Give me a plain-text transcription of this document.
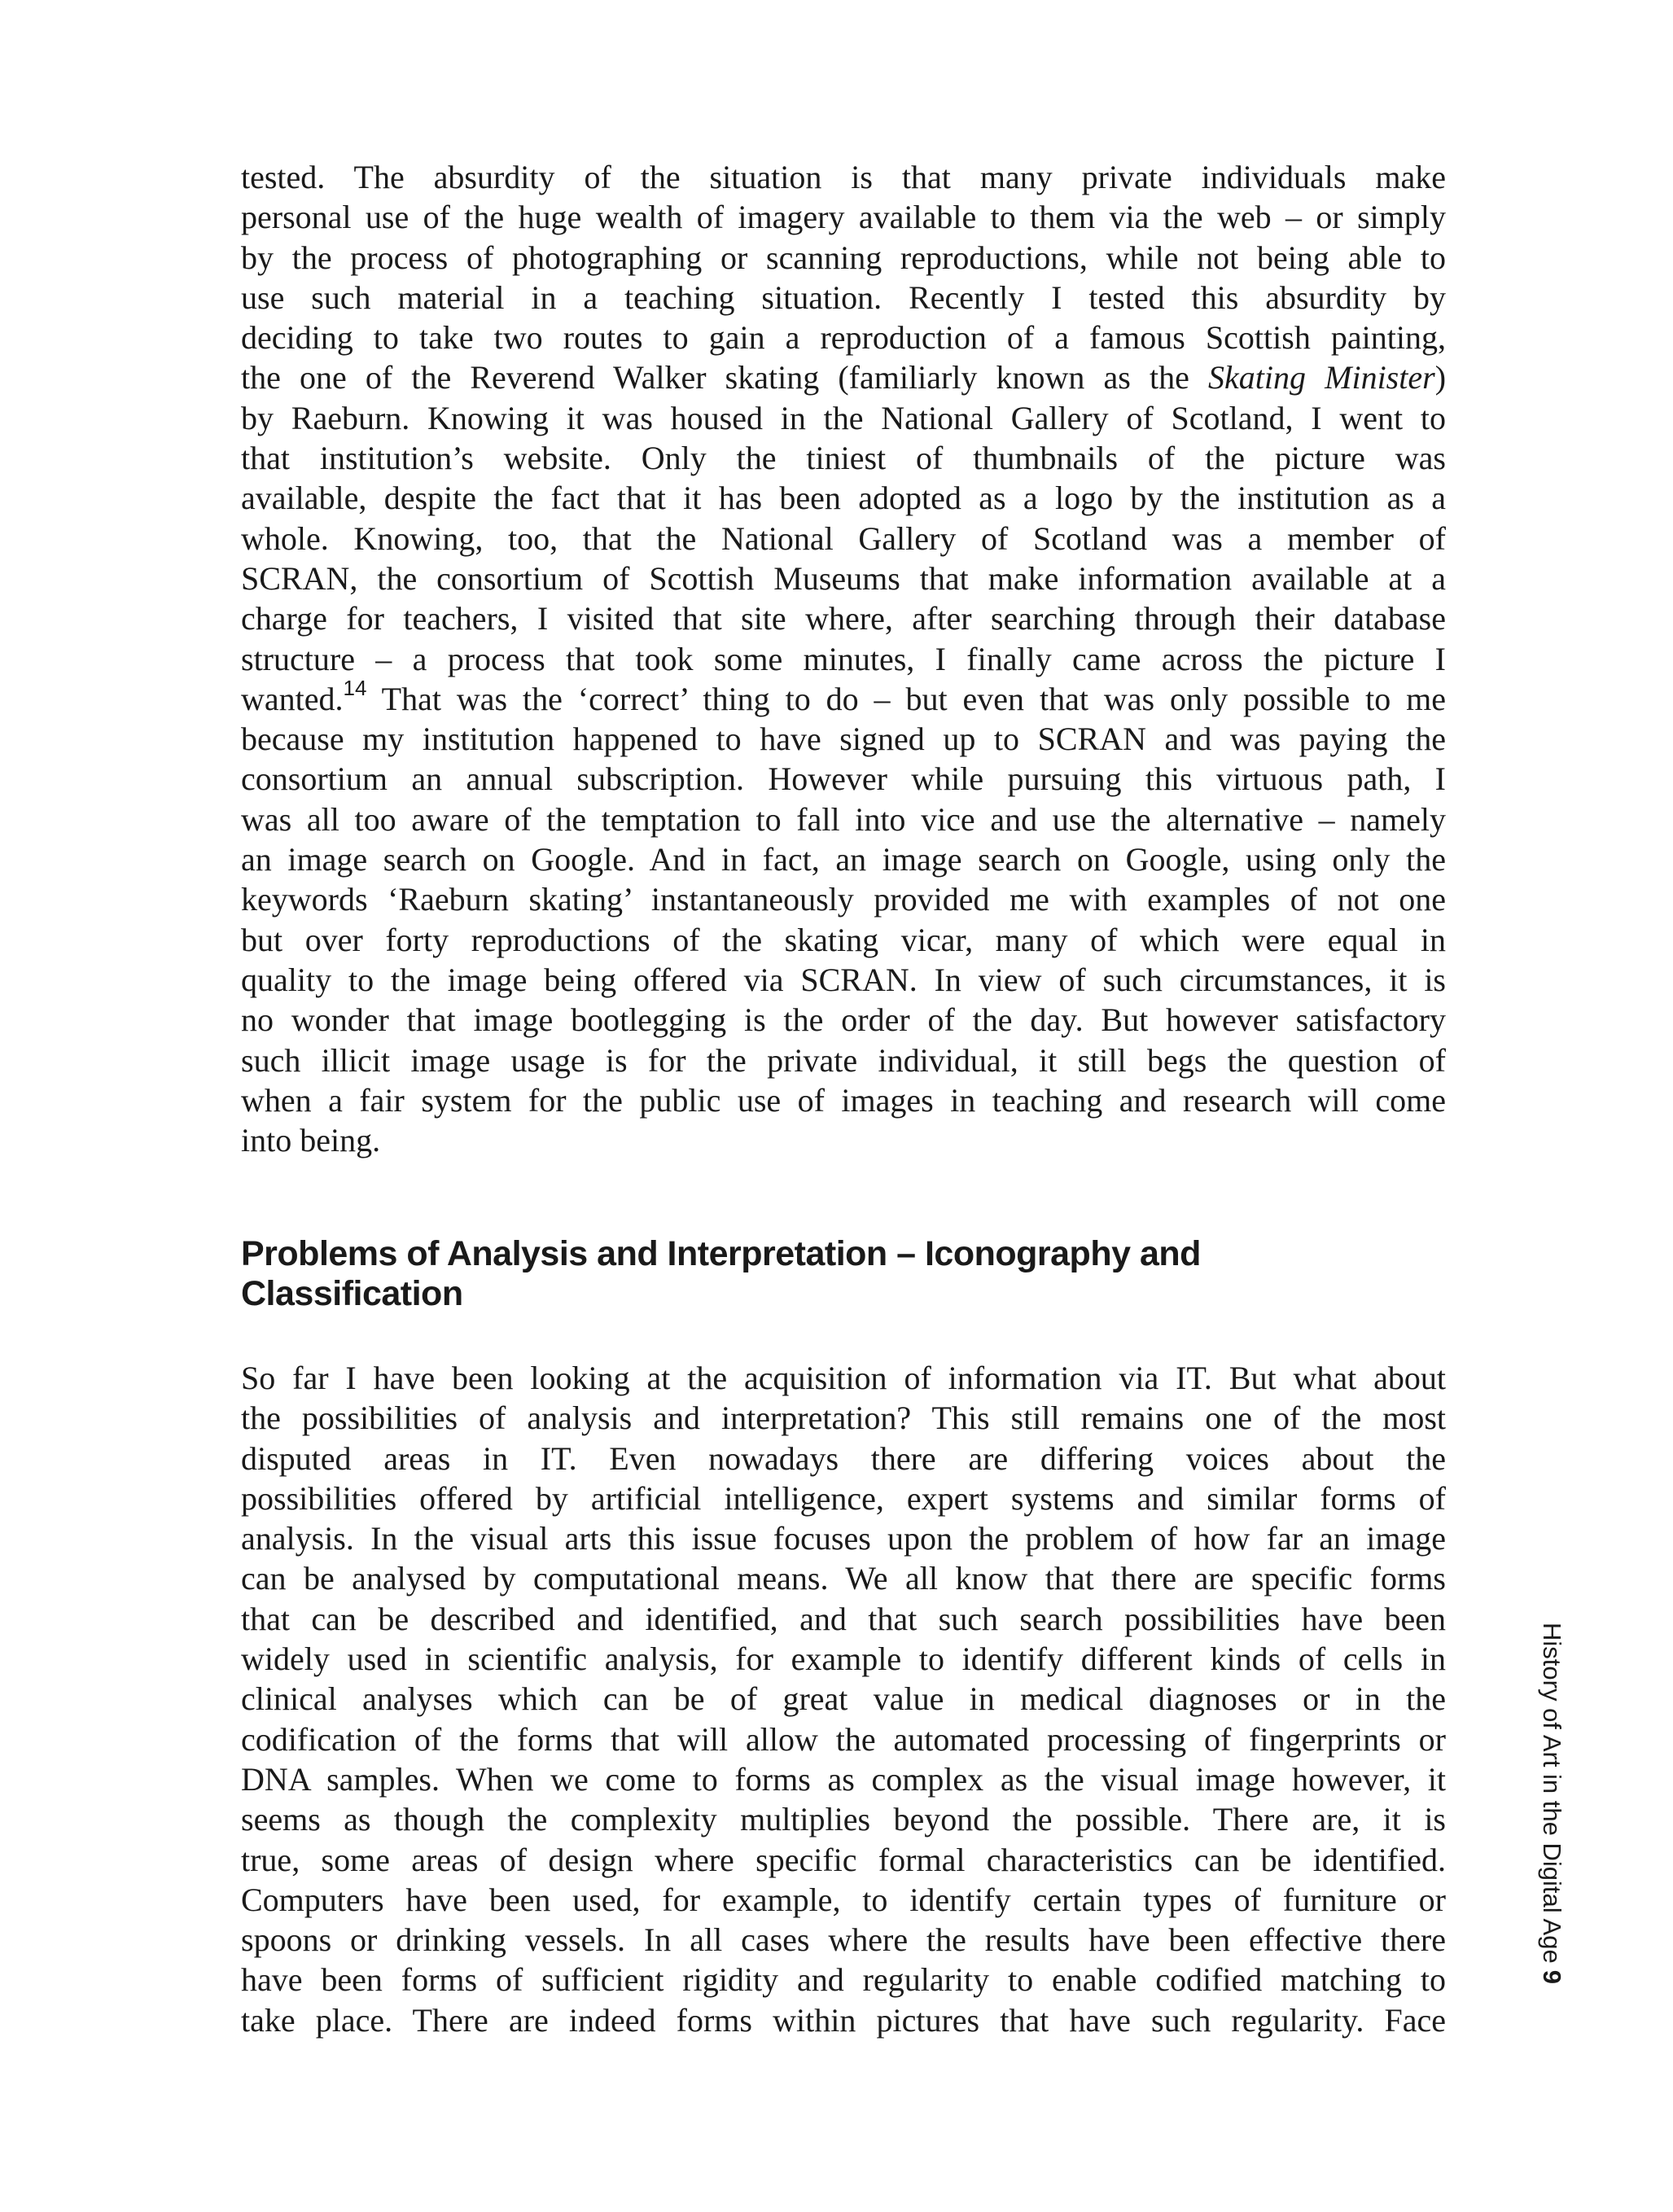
tested. The absurdity of the situation is that many private individuals make
personal use of the huge wealth of imagery available to them via the web – or simply
by the process of photographing or scanning reproductions, while not being able to
use such material in a teaching situation. Recently I tested this absurdity by
deciding to take two routes to gain a reproduction of a famous Scottish painting,
the one of the Reverend Walker skating (familiarly known as the Skating Minister)
by Raeburn. Knowing it was housed in the National Gallery of Scotland, I went to
that institution’s website. Only the tiniest of thumbnails of the picture was
available, despite the fact that it has been adopted as a logo by the institution as a
whole. Knowing, too, that the National Gallery of Scotland was a member of
SCRAN, the consortium of Scottish Museums that make information available at a
charge for teachers, I visited that site where, after searching through their database
structure – a process that took some minutes, I finally came across the picture I
wanted.$^{14}$ That was the ‘correct’ thing to do – but even that was only possible to me
because my institution happened to have signed up to SCRAN and was paying the
consortium an annual subscription. However while pursuing this virtuous path, I
was all too aware of the temptation to fall into vice and use the alternative – namely
an image search on Google. And in fact, an image search on Google, using only the
keywords ‘Raeburn skating’ instantaneously provided me with examples of not one
but over forty reproductions of the skating vicar, many of which were equal in
quality to the image being offered via SCRAN. In view of such circumstances, it is
no wonder that image bootlegging is the order of the day. But however satisfactory
such illicit image usage is for the private individual, it still begs the question of
when a fair system for the public use of images in teaching and research will come
into being.
Problems of Analysis and Interpretation – Iconography and
Classification
So far I have been looking at the acquisition of information via IT. But what about
the possibilities of analysis and interpretation? This still remains one of the most
disputed areas in IT. Even nowadays there are differing voices about the
possibilities offered by artificial intelligence, expert systems and similar forms of
analysis. In the visual arts this issue focuses upon the problem of how far an image
can be analysed by computational means. We all know that there are specific forms
that can be described and identified, and that such search possibilities have been
widely used in scientific analysis, for example to identify different kinds of cells in
clinical analyses which can be of great value in medical diagnoses or in the
codification of the forms that will allow the automated processing of fingerprints or
DNA samples. When we come to forms as complex as the visual image however, it
seems as though the complexity multiplies beyond the possible. There are, it is
true, some areas of design where specific formal characteristics can be identified.
Computers have been used, for example, to identify certain types of furniture or
spoons or drinking vessels. In all cases where the results have been effective there
have been forms of sufficient rigidity and regularity to enable codified matching to
take place. There are indeed forms within pictures that have such regularity. Face
History of Art in the Digital Age9
